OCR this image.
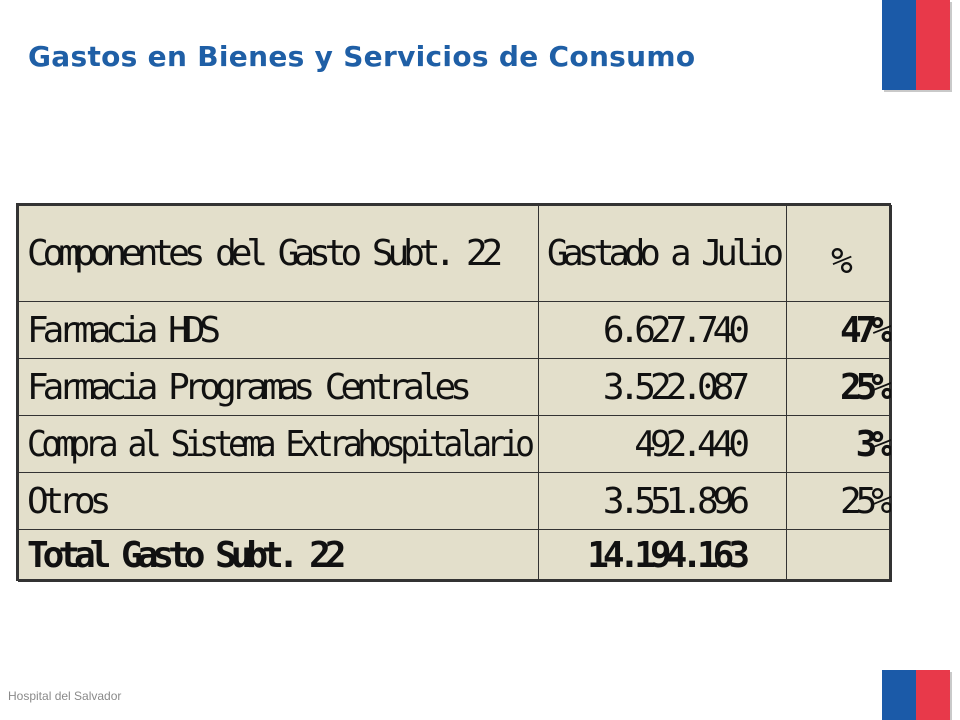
Gastos en Bienes y Servicios de Consumo
Componentes del Gasto Subt. 22	Gastado a Julio	%
Farmacia HDS	6.627.740	47%
Farmacia Programas Centrales	3.522.087	25%
Compra al Sistema Extrahospitalario	492.440	3%
Otros	3.551.896	25%
Total Gasto Subt. 22	14.194.163	
Hospital del Salvador
